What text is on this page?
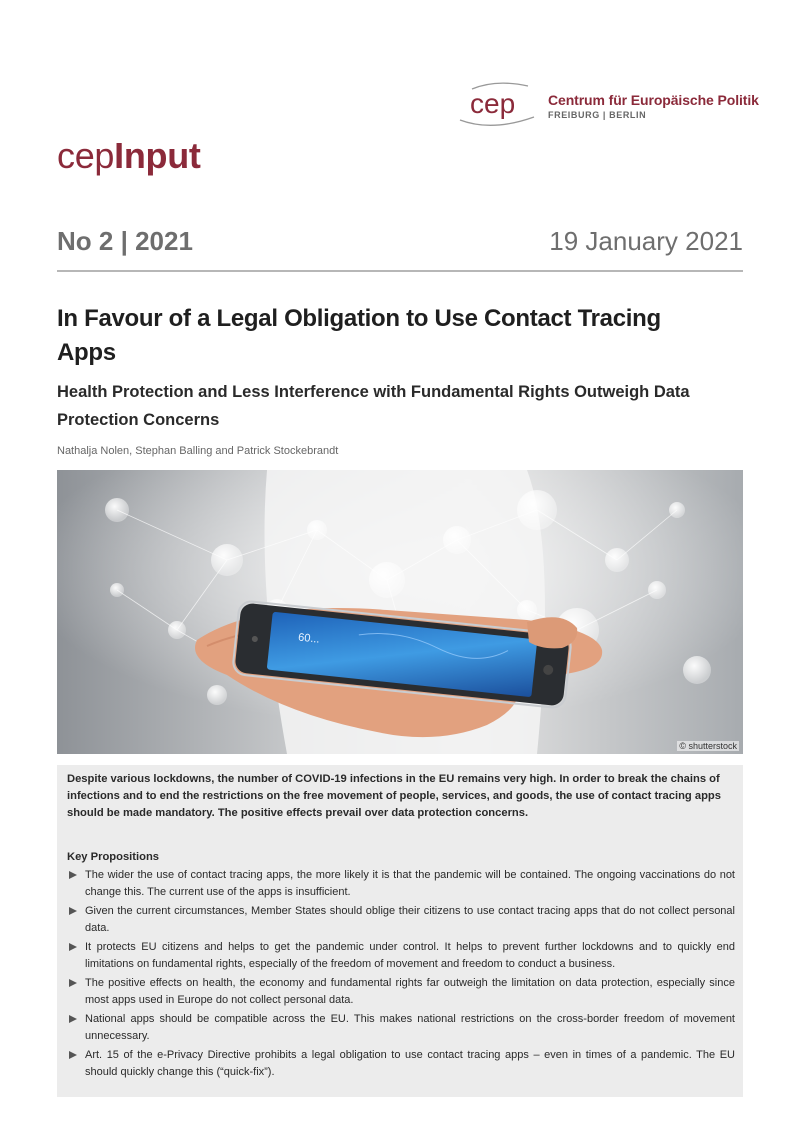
cep Centrum für Europäische Politik
FREIBURG | BERLIN
cepInput
No 2 | 2021	19 January 2021
In Favour of a Legal Obligation to Use Contact Tracing Apps
Health Protection and Less Interference with Fundamental Rights Outweigh Data Protection Concerns
Nathalja Nolen, Stephan Balling and Patrick Stockebrandt
60...
© shutterstock
Despite various lockdowns, the number of COVID-19 infections in the EU remains very high. In order to break the chains of infections and to end the restrictions on the free movement of people, services, and goods, the use of contact tracing apps should be made mandatory. The positive effects prevail over data protection concerns.
Key Propositions
The wider the use of contact tracing apps, the more likely it is that the pandemic will be contained. The ongoing vaccinations do not change this. The current use of the apps is insufficient.
Given the current circumstances, Member States should oblige their citizens to use contact tracing apps that do not collect personal data.
It protects EU citizens and helps to get the pandemic under control. It helps to prevent further lockdowns and to quickly end limitations on fundamental rights, especially of the freedom of movement and freedom to conduct a business.
The positive effects on health, the economy and fundamental rights far outweigh the limitation on data protection, especially since most apps used in Europe do not collect personal data.
National apps should be compatible across the EU. This makes national restrictions on the cross-border freedom of movement unnecessary.
Art. 15 of the e-Privacy Directive prohibits a legal obligation to use contact tracing apps – even in times of a pandemic. The EU should quickly change this (“quick-fix”).
